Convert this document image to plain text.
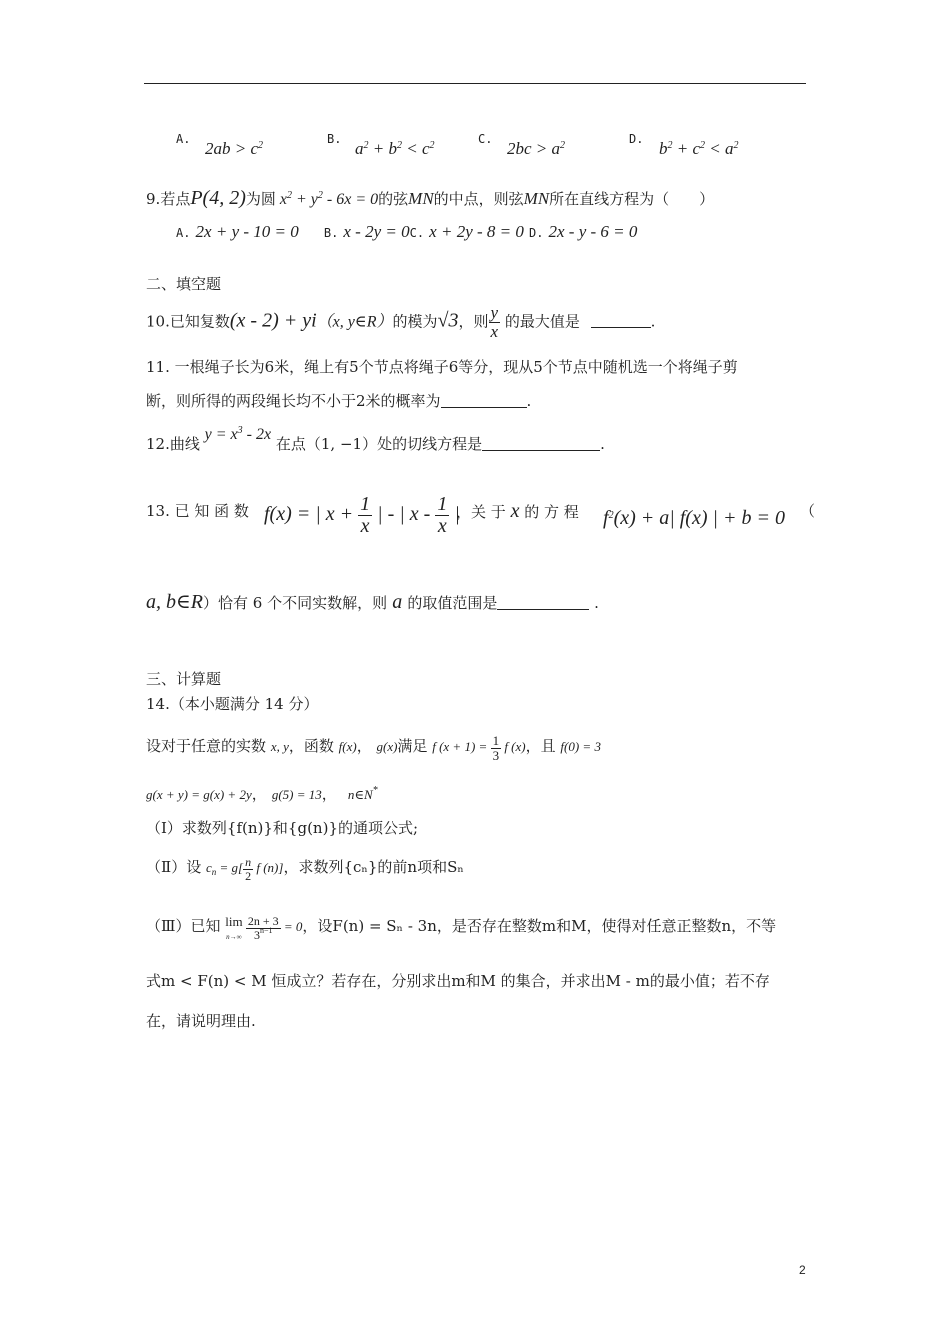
A. $2ab > c^2$	B. $a^2 + b^2 < c^2$	C. $2bc > a^2$	D. $b^2 + c^2 < a^2$
9.若点P(4, 2)为圆 $x^2 + y^2 - 6x = 0$的弦MN的中点，则弦MN所在直线方程为（　　）
A. 2x + y - 10 = 0 B. x - 2y = 0C. x + 2y - 8 = 0 D. 2x - y - 6 = 0
二、填空题
10.已知复数(x - 2) + yi（x, y∈R）的模为√3，则 $\frac{y}{x}$ 的最大值是	.
11. 一根绳子长为6米，绳上有5个节点将绳子6等分，现从5个节点中随机选一个将绳子剪
断，则所得的两段绳长均不小于2米的概率为	.
12.曲线 $y = x^3 - 2x$ 在点（1, −1）处的切线方程是	.
13. 已 知 函 数 f(x) = | $x + \frac{1}{x}$ | - | x - $\frac{1}{x}$ |
，关 于 x 的 方 程 $f^2(x) + a|$ f(x) | + b = 0 （
a, b∈R）恰有 6 个不同实数解，则 a 的取值范围是	.
三、计算题
14.（本小题满分 14 分）
设对于任意的实数 x, y，函数 f(x)， g(x)满足 f $(x + 1) = \frac{1}{3}$ f (x)，且 f(0) = 3
g(x + y) = g(x) + 2y， g(5) = 13， n∈N*
（Ⅰ）求数列{f(n)}和{g(n)}的通项公式;
（Ⅱ）设 $c_n = g[ \frac{n}{2}$ f (n)]，求数列{cₙ}的前n项和Sₙ
（Ⅲ）已知 lim
$n\to\infty \frac{2n + 3}{3^{n-1}} = 0$，设F(n) = Sₙ - 3n，是否存在整数m和M，使得对任意正整数n，不等
式m < F(n) < M 恒成立？若存在，分别求出m和M 的集合，并求出M - m的最小值；若不存
在，请说明理由.
2
